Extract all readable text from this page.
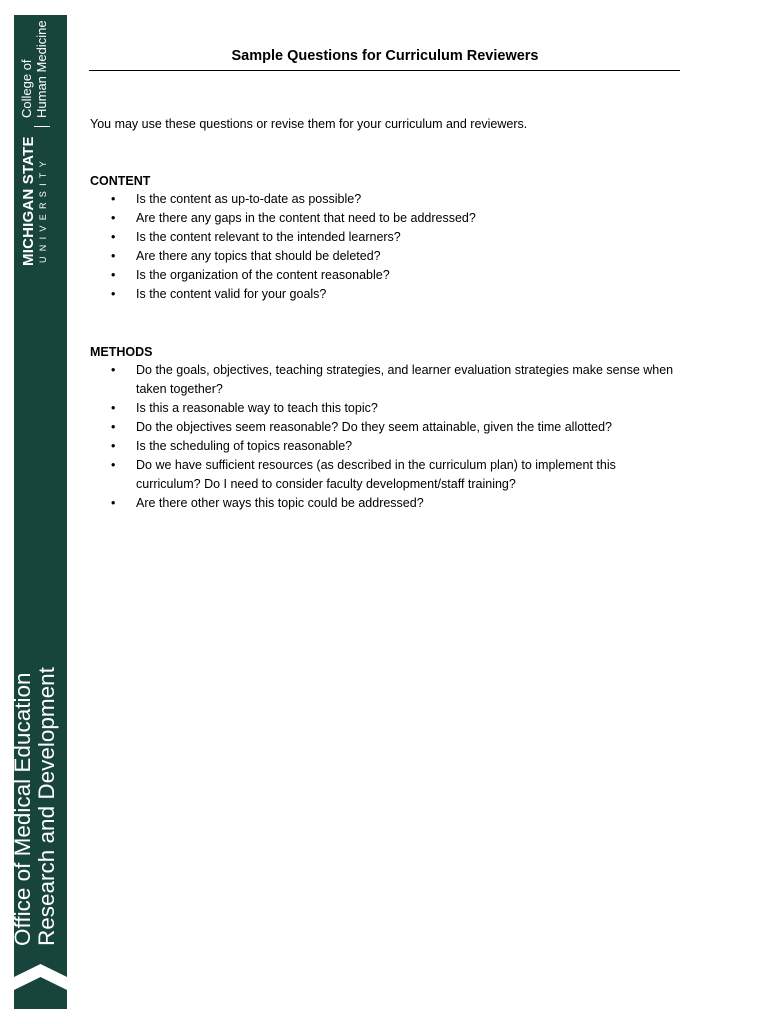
MICHIGAN STATE UNIVERSITY
College of Human Medicine
Office of Medical Education Research and Development
Sample Questions for Curriculum Reviewers
You may use these questions or revise them for your curriculum and reviewers.
CONTENT
• Is the content as up-to-date as possible?
• Are there any gaps in the content that need to be addressed?
• Is the content relevant to the intended learners?
• Are there any topics that should be deleted?
• Is the organization of the content reasonable?
• Is the content valid for your goals?
METHODS
• Do the goals, objectives, teaching strategies, and learner evaluation strategies make sense when taken together?
• Is this a reasonable way to teach this topic?
• Do the objectives seem reasonable? Do they seem attainable, given the time allotted?
• Is the scheduling of topics reasonable?
• Do we have sufficient resources (as described in the curriculum plan) to implement this curriculum? Do I need to consider faculty development/staff training?
• Are there other ways this topic could be addressed?
